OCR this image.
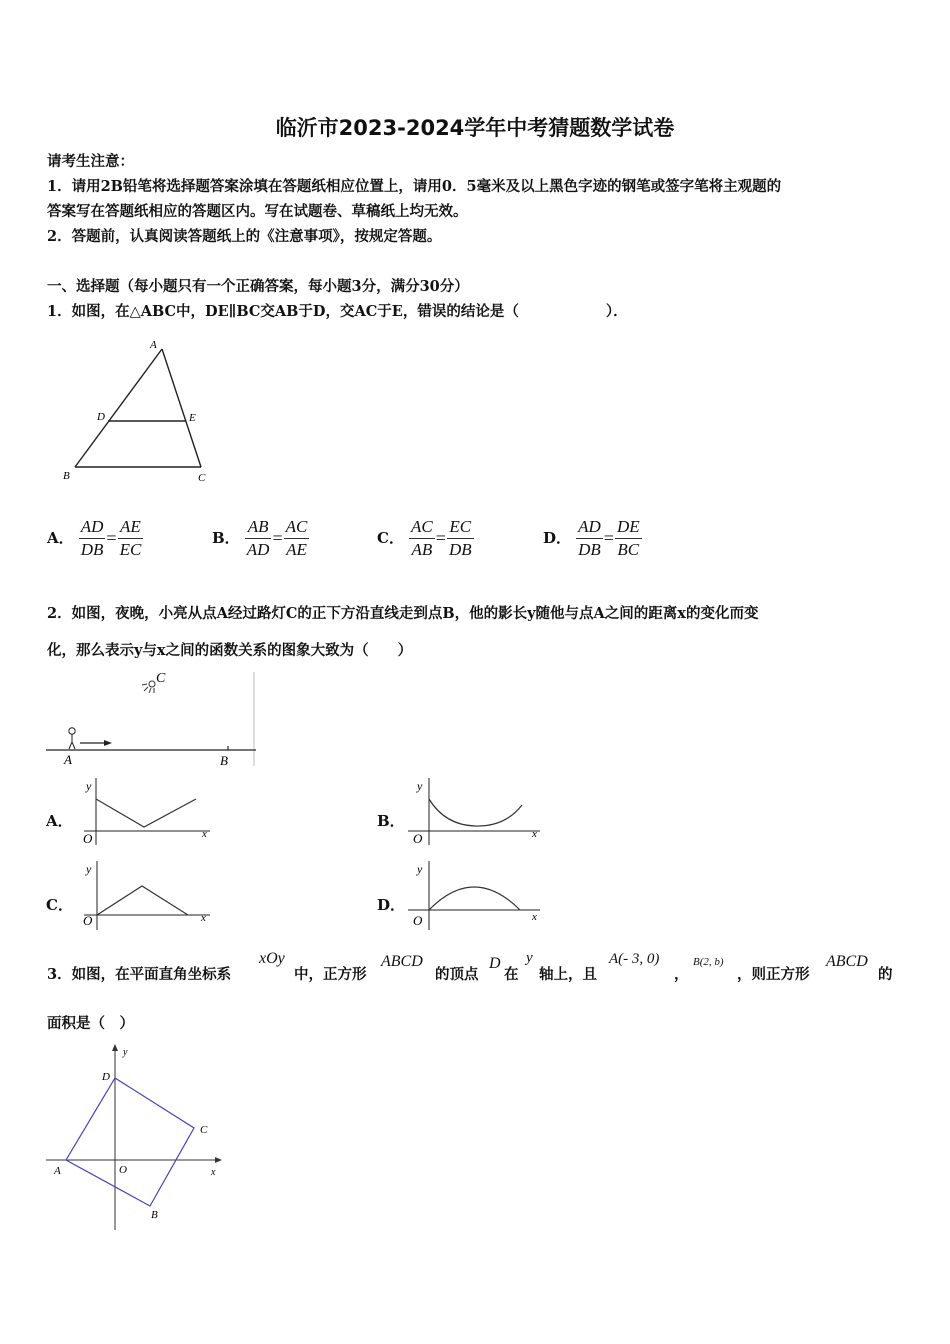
临沂市2023-2024学年中考猜题数学试卷
请考生注意：
1．请用2B铅笔将选择题答案涂填在答题纸相应位置上，请用0．5毫米及以上黑色字迹的钢笔或签字笔将主观题的
答案写在答题纸相应的答题区内。写在试题卷、草稿纸上均无效。
2．答题前，认真阅读答题纸上的《注意事项》，按规定答题。
一、选择题（每小题只有一个正确答案，每小题3分，满分30分）
1．如图，在△ABC中，DE∥BC交AB于D，交AC于E，错误的结论是（　　　　　　）．
A
D	E
B	C
A． $\frac{AD}{DB} = \frac{AE}{EC}$	B． $\frac{AB}{AD} = \frac{AC}{AE}$	C． $\frac{AC}{AB} = \frac{EC}{DB}$	D． $\frac{AD}{DB} = \frac{DE}{BC}$
2．如图，夜晚，小亮从点A经过路灯C的正下方沿直线走到点B，他的影长y随他与点A之间的距离x的变化而变
化，那么表示y与x之间的函数关系的图象大致为（　　）
C
A	B
A．
y
O	x
B．
y
O	x
C．
y
O	x
D．
y
O	x
3．如图，在平面直角坐标系
xOy
中，正方形
ABCD
的顶点
D
在
y
轴上，且
A(- 3, 0)
，
B(2, b)
，则正方形
ABCD
的
面积是（　）
D
C
A	O
B
x
y
